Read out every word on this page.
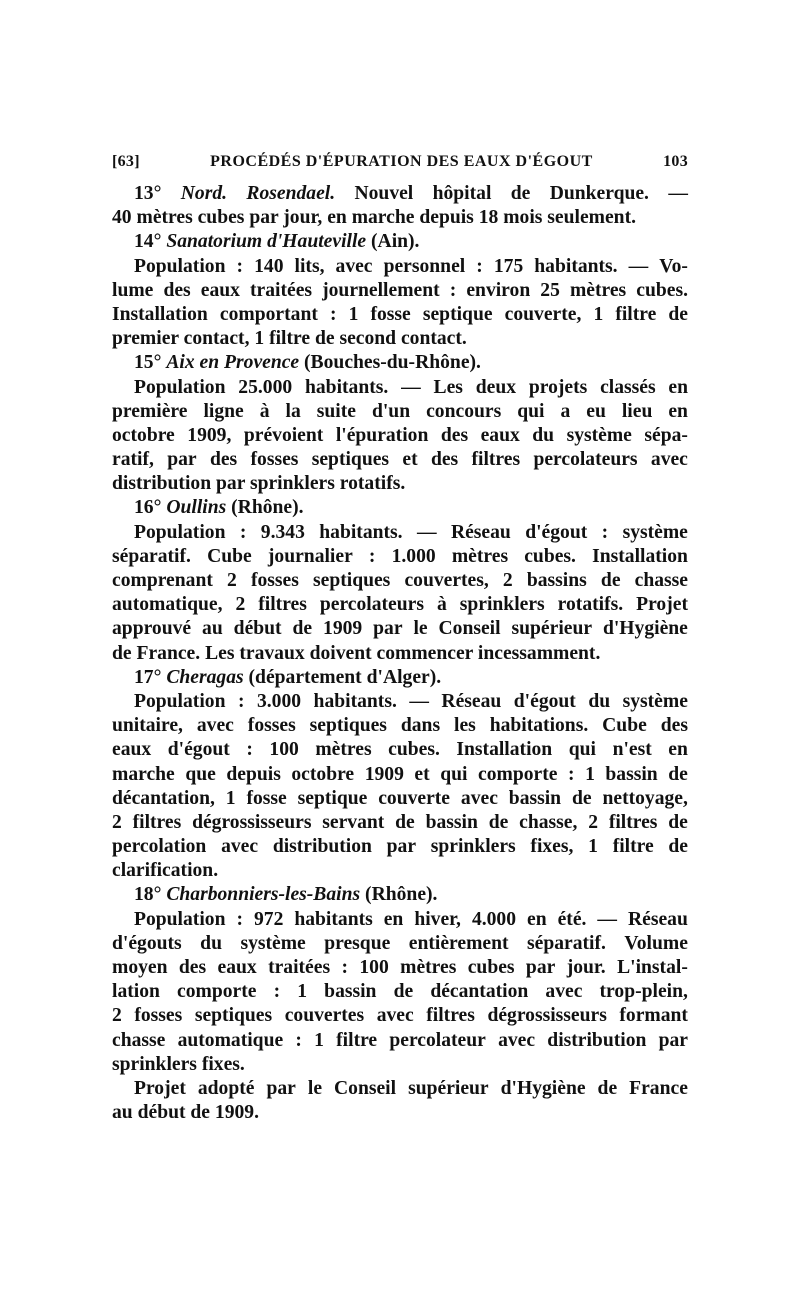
[63]	PROCÉDÉS D'ÉPURATION DES EAUX D'ÉGOUT	103
13° Nord. Rosendael. Nouvel hôpital de Dunkerque. —
40 mètres cubes par jour, en marche depuis 18 mois seulement.
14° Sanatorium d'Hauteville (Ain).
Population : 140 lits, avec personnel : 175 habitants. — Vo-
lume des eaux traitées journellement : environ 25 mètres cubes.
Installation comportant : 1 fosse septique couverte, 1 filtre de
premier contact, 1 filtre de second contact.
15° Aix en Provence (Bouches-du-Rhône).
Population 25.000 habitants. — Les deux projets classés en
première ligne à la suite d'un concours qui a eu lieu en
octobre 1909, prévoient l'épuration des eaux du système sépa-
ratif, par des fosses septiques et des filtres percolateurs avec
distribution par sprinklers rotatifs.
16° Oullins (Rhône).
Population : 9.343 habitants. — Réseau d'égout : système
séparatif. Cube journalier : 1.000 mètres cubes. Installation
comprenant 2 fosses septiques couvertes, 2 bassins de chasse
automatique, 2 filtres percolateurs à sprinklers rotatifs. Projet
approuvé au début de 1909 par le Conseil supérieur d'Hygiène
de France. Les travaux doivent commencer incessamment.
17° Cheragas (département d'Alger).
Population : 3.000 habitants. — Réseau d'égout du système
unitaire, avec fosses septiques dans les habitations. Cube des
eaux d'égout : 100 mètres cubes. Installation qui n'est en
marche que depuis octobre 1909 et qui comporte : 1 bassin de
décantation, 1 fosse septique couverte avec bassin de nettoyage,
2 filtres dégrossisseurs servant de bassin de chasse, 2 filtres de
percolation avec distribution par sprinklers fixes, 1 filtre de
clarification.
18° Charbonniers-les-Bains (Rhône).
Population : 972 habitants en hiver, 4.000 en été. — Réseau
d'égouts du système presque entièrement séparatif. Volume
moyen des eaux traitées : 100 mètres cubes par jour. L'instal-
lation comporte : 1 bassin de décantation avec trop-plein,
2 fosses septiques couvertes avec filtres dégrossisseurs formant
chasse automatique : 1 filtre percolateur avec distribution par
sprinklers fixes.
Projet adopté par le Conseil supérieur d'Hygiène de France
au début de 1909.
